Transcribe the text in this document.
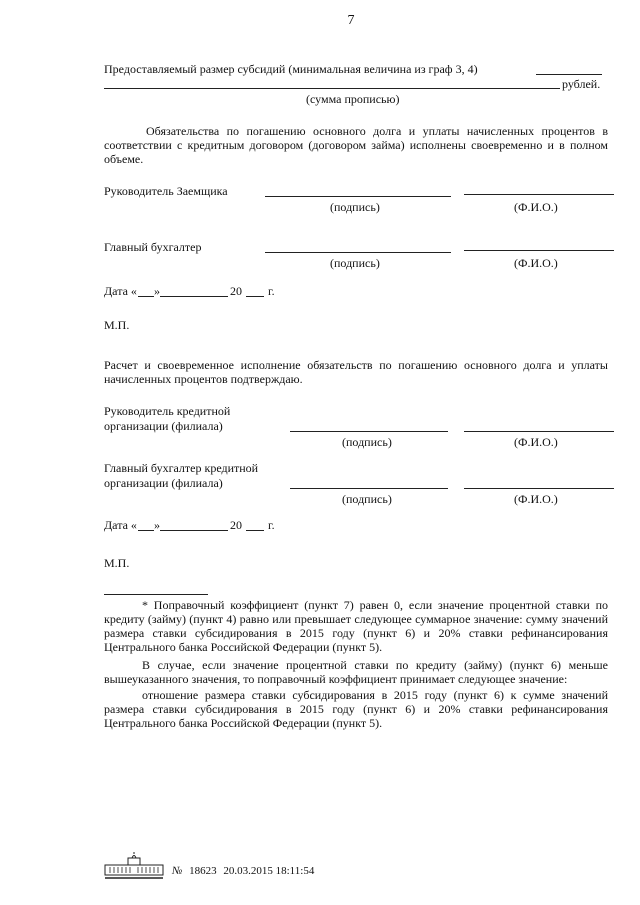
7
Предоставляемый размер субсидий (минимальная величина из граф 3, 4)
рублей.
(сумма прописью)
Обязательства по погашению основного долга и уплаты начисленных процентов в соответствии с кредитным договором (договором займа) исполнены своевременно и в полном объеме.
Руководитель Заемщика
(подпись)	(Ф.И.О.)
Главный бухгалтер
(подпись)	(Ф.И.О.)
Дата « »	20 г.
М.П.
Расчет и своевременное исполнение обязательств по погашению основного долга и уплаты начисленных процентов подтверждаю.
Руководитель кредитной
организации (филиала)
(подпись)	(Ф.И.О.)
Главный бухгалтер кредитной
организации (филиала)
(подпись)	(Ф.И.О.)
Дата « »	20 г.
М.П.
* Поправочный коэффициент (пункт 7) равен 0, если значение процентной ставки по кредиту (займу) (пункт 4) равно или превышает следующее суммарное значение: сумму значений размера ставки субсидирования в 2015 году (пункт 6) и 20% ставки рефинансирования Центрального банка Российской Федерации (пункт 5).
В случае, если значение процентной ставки по кредиту (займу) (пункт 6) меньше вышеуказанного значения, то поправочный коэффициент принимает следующее значение:
отношение размера ставки субсидирования в 2015 году (пункт 6) к сумме значений размера ставки субсидирования в 2015 году (пункт 6) и 20% ставки рефинансирования Центрального банка Российской Федерации (пункт 5).
№ 18623 20.03.2015 18:11:54
